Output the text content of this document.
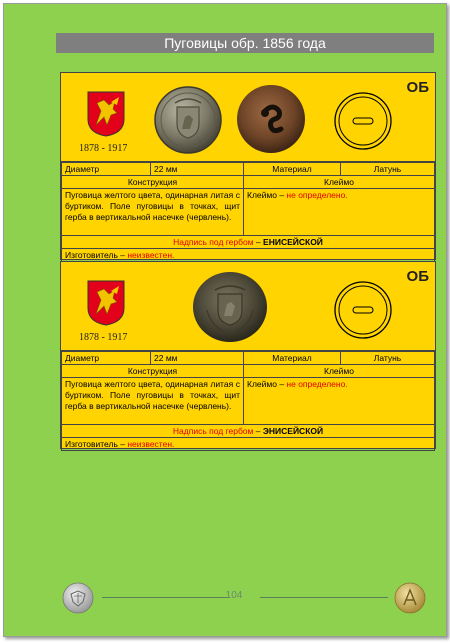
Пуговицы обр. 1856 года
1878 - 1917
ОБ
Диаметр	22 мм	Материал	Латунь
Конструкция		Клеймо	
Пуговица желтого цвета, одинарная литая с буртиком. Поле пуговицы в точках, щит герба в вертикальной насечке (червлень).		Клеймо – не определено.	
Надпись под гербом – ЕНИСЕЙСКОЙ			
Изготовитель – неизвестен.			
1878 - 1917
ОБ
Диаметр	22 мм	Материал	Латунь
Конструкция		Клеймо	
Пуговица желтого цвета, одинарная литая с буртиком. Поле пуговицы в точках, щит герба в вертикальной насечке (червлень).		Клеймо – не определено.	
Надпись под гербом – ЭНИСЕЙСКОЙ			
Изготовитель – неизвестен.			
104
